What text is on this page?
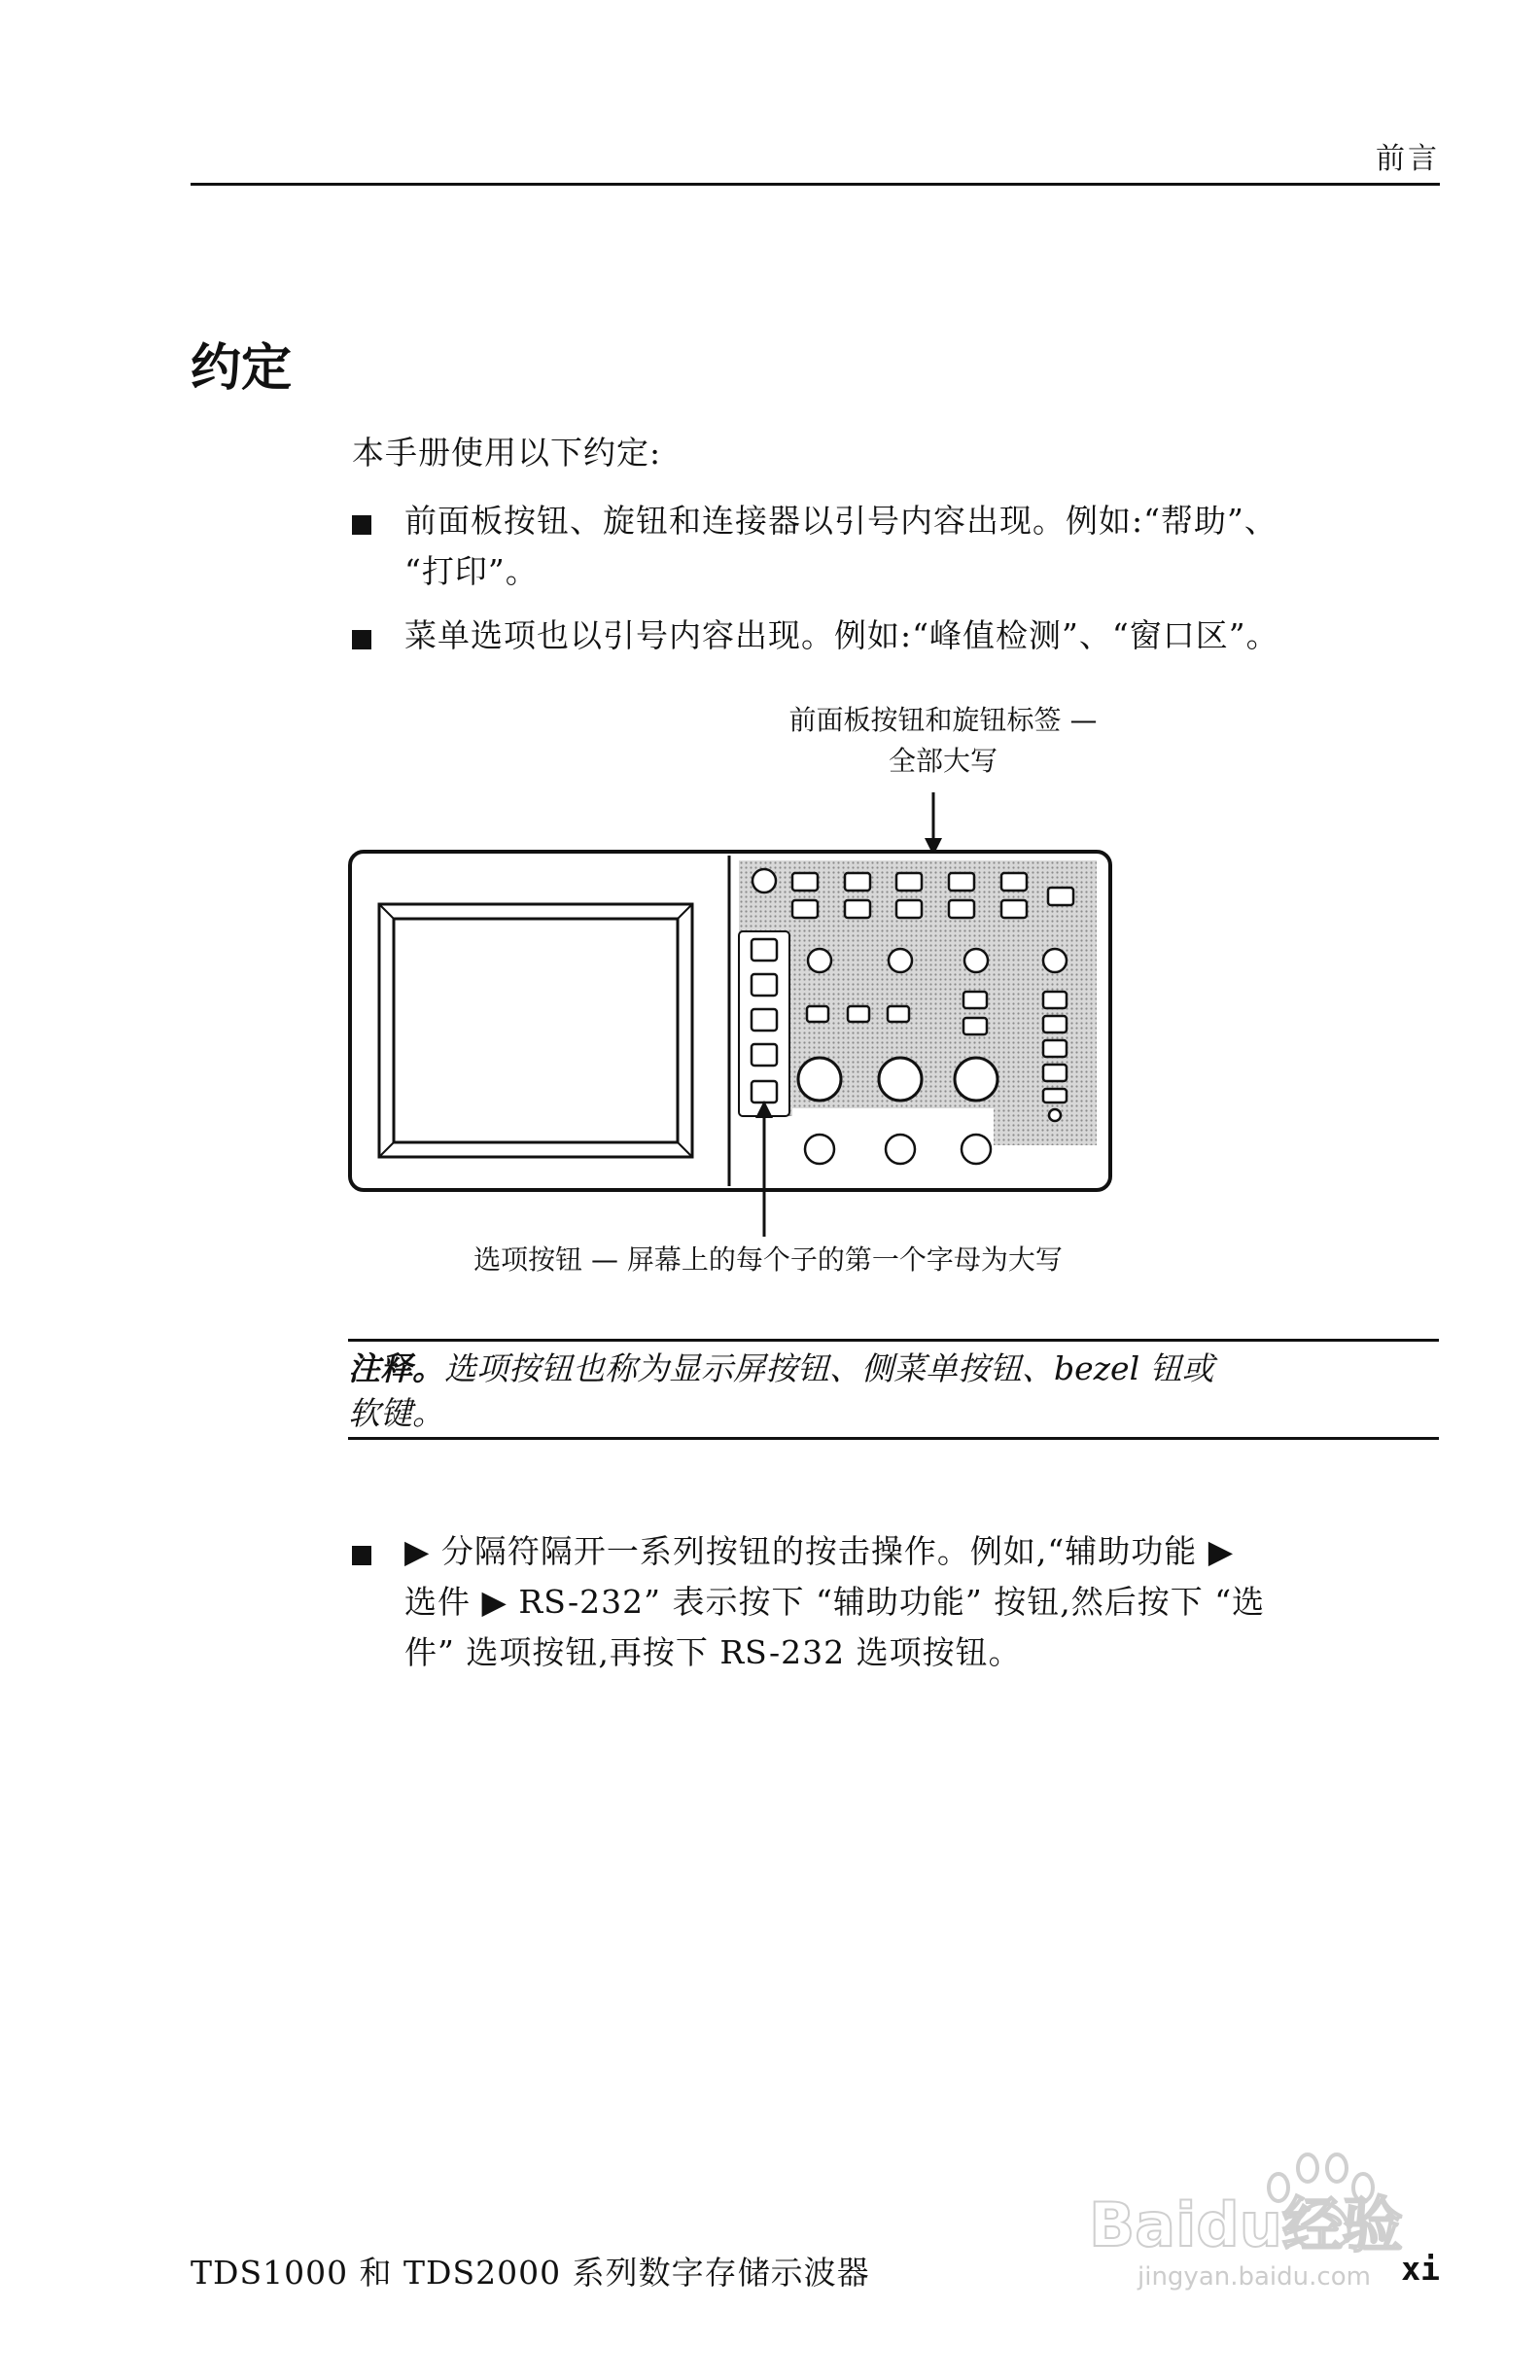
前言
约定
本手册使用以下约定:
前面板按钮、旋钮和连接器以引号内容出现。例如:“帮助”、
“打印”。
菜单选项也以引号内容出现。例如:“峰值检测”、“窗口区”。
前面板按钮和旋钮标签 —
全部大写
选项按钮 — 屏幕上的每个子的第一个字母为大写
注释。选项按钮也称为显示屏按钮、侧菜单按钮、bezel 钮或
软键。
▶ 分隔符隔开一系列按钮的按击操作。例如,“辅助功能 ▶
选件 ▶ RS-232” 表示按下 “辅助功能” 按钮,然后按下 “选
件” 选项按钮,再按下 RS-232 选项按钮。
Baidu经验
jingyan.baidu.com
TDS1000 和 TDS2000 系列数字存储示波器	xi
